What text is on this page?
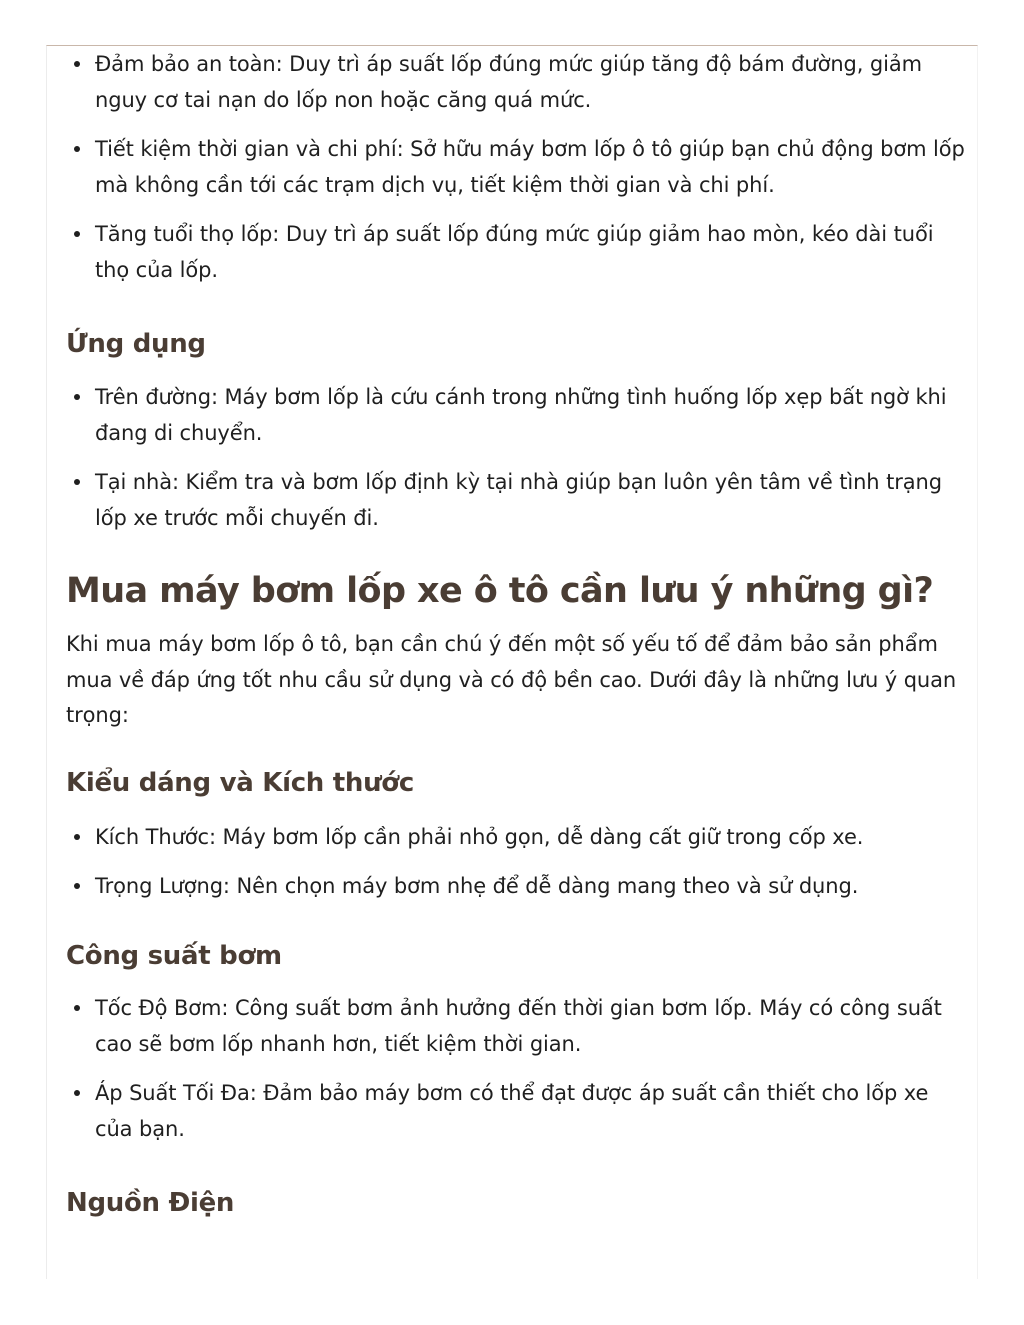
Đảm bảo an toàn: Duy trì áp suất lốp đúng mức giúp tăng độ bám đường, giảm nguy cơ tai nạn do lốp non hoặc căng quá mức.
Tiết kiệm thời gian và chi phí: Sở hữu máy bơm lốp ô tô giúp bạn chủ động bơm lốp mà không cần tới các trạm dịch vụ, tiết kiệm thời gian và chi phí.
Tăng tuổi thọ lốp: Duy trì áp suất lốp đúng mức giúp giảm hao mòn, kéo dài tuổi thọ của lốp.
Ứng dụng
Trên đường: Máy bơm lốp là cứu cánh trong những tình huống lốp xẹp bất ngờ khi đang di chuyển.
Tại nhà: Kiểm tra và bơm lốp định kỳ tại nhà giúp bạn luôn yên tâm về tình trạng lốp xe trước mỗi chuyến đi.
Mua máy bơm lốp xe ô tô cần lưu ý những gì?

Khi mua máy bơm lốp ô tô, bạn cần chú ý đến một số yếu tố để đảm bảo sản phẩm mua về đáp ứng tốt nhu cầu sử dụng và có độ bền cao. Dưới đây là những lưu ý quan trọng:

Kiểu dáng và Kích thước
Kích Thước: Máy bơm lốp cần phải nhỏ gọn, dễ dàng cất giữ trong cốp xe.
Trọng Lượng: Nên chọn máy bơm nhẹ để dễ dàng mang theo và sử dụng.
Công suất bơm
Tốc Độ Bơm: Công suất bơm ảnh hưởng đến thời gian bơm lốp. Máy có công suất cao sẽ bơm lốp nhanh hơn, tiết kiệm thời gian.
Áp Suất Tối Đa: Đảm bảo máy bơm có thể đạt được áp suất cần thiết cho lốp xe của bạn.
Nguồn Điện
